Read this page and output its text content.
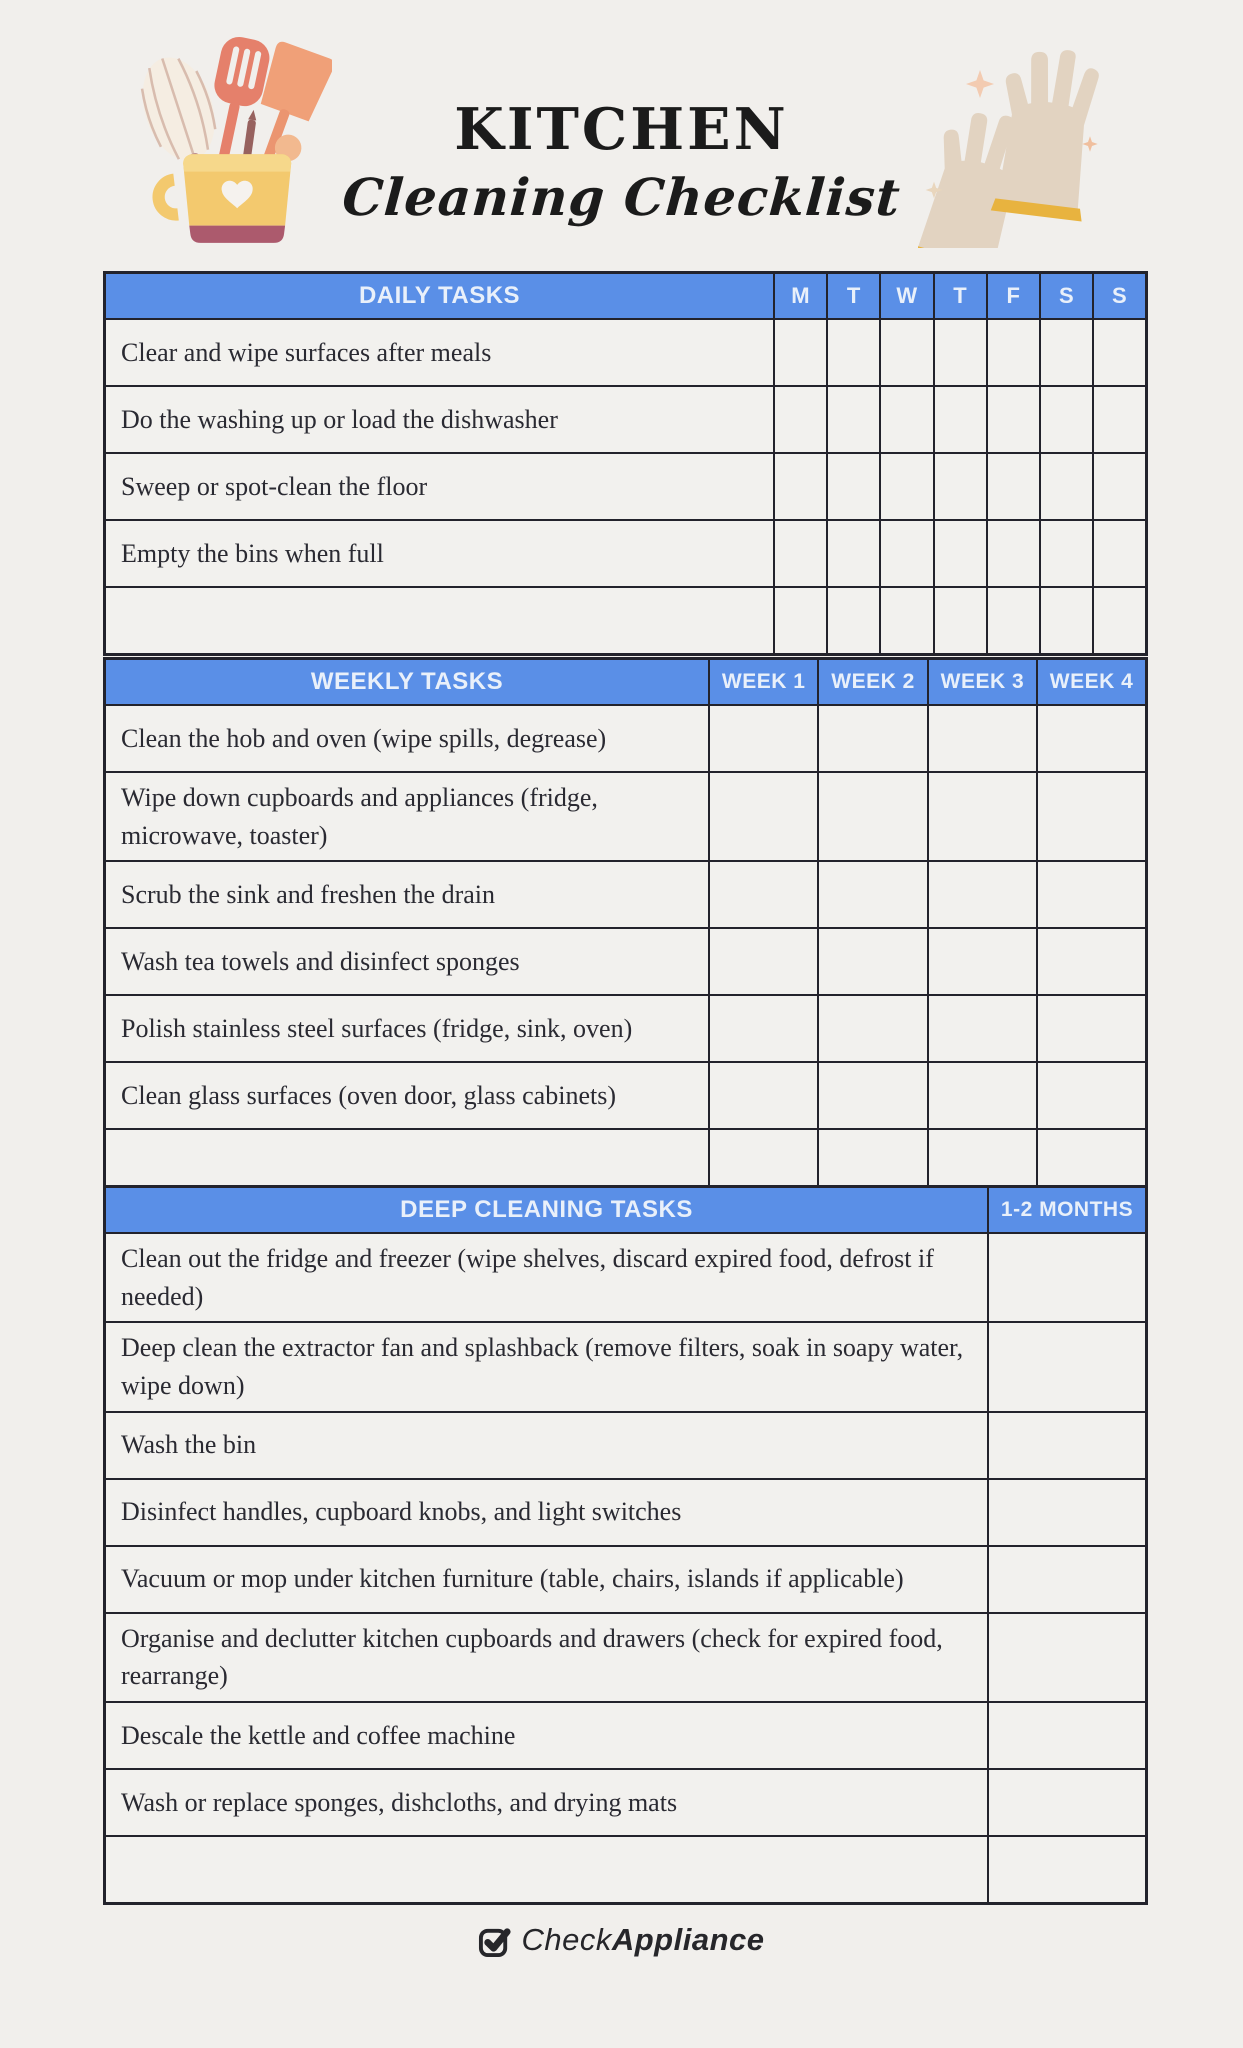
KITCHEN
Cleaning Checklist
DAILY TASKS	M	T	W	T	F	S	S
Clear and wipe surfaces after meals							
Do the washing up or load the dishwasher							
Sweep or spot-clean the floor							
Empty the bins when full							

WEEKLY TASKS	WEEK 1	WEEK 2	WEEK 3	WEEK 4
Clean the hob and oven (wipe spills, degrease)				
Wipe down cupboards and appliances (fridge, microwave, toaster)				
Scrub the sink and freshen the drain				
Wash tea towels and disinfect sponges				
Polish stainless steel surfaces (fridge, sink, oven)				
Clean glass surfaces (oven door, glass cabinets)				

DEEP CLEANING TASKS	1-2 MONTHS
Clean out the fridge and freezer (wipe shelves, discard expired food, defrost if needed)	
Deep clean the extractor fan and splashback (remove filters, soak in soapy water, wipe down)	
Wash the bin	
Disinfect handles, cupboard knobs, and light switches	
Vacuum or mop under kitchen furniture (table, chairs, islands if applicable)	
Organise and declutter kitchen cupboards and drawers (check for expired food, rearrange)	
Descale the kettle and coffee machine	
Wash or replace sponges, dishcloths, and drying mats	

CheckAppliance
